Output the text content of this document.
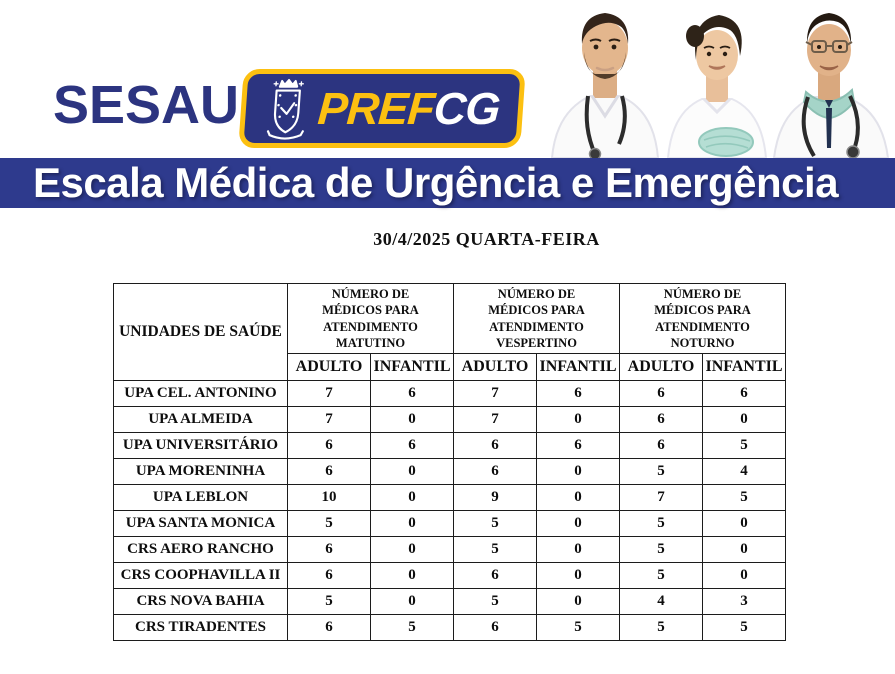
SESAU PREFCG
Escala Médica de Urgência e Emergência
30/4/2025 QUARTA-FEIRA
UNIDADES DE SAÚDE	NÚMERO DE MÉDICOS PARA ATENDIMENTO MATUTINO		NÚMERO DE MÉDICOS PARA ATENDIMENTO VESPERTINO		NÚMERO DE MÉDICOS PARA ATENDIMENTO NOTURNO	
	ADULTO	INFANTIL	ADULTO	INFANTIL	ADULTO	INFANTIL
UPA CEL. ANTONINO	7	6	7	6	6	6
UPA ALMEIDA	7	0	7	0	6	0
UPA UNIVERSITÁRIO	6	6	6	6	6	5
UPA MORENINHA	6	0	6	0	5	4
UPA LEBLON	10	0	9	0	7	5
UPA SANTA MONICA	5	0	5	0	5	0
CRS AERO RANCHO	6	0	5	0	5	0
CRS COOPHAVILLA II	6	0	6	0	5	0
CRS NOVA BAHIA	5	0	5	0	4	3
CRS TIRADENTES	6	5	6	5	5	5
